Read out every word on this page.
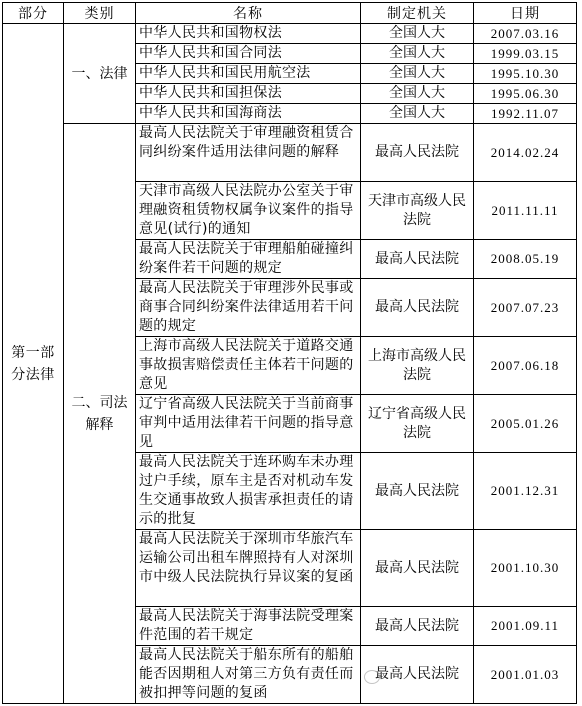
部分	类别	名称	制定机关	日期
第一部分法律	一、法律	中华人民共和国物权法	全国人大	2007.03.16
		中华人民共和国合同法	全国人大	1999.03.15
		中华人民共和国民用航空法	全国人大	1995.10.30
		中华人民共和国担保法	全国人大	1995.06.30
		中华人民共和国海商法	全国人大	1992.11.07
	二、司法解释	最高人民法院关于审理融资租赁合同纠纷案件适用法律问题的解释	最高人民法院	2014.02.24
		天津市高级人民法院办公室关于审理融资租赁物权属争议案件的指导意见(试行)的通知	天津市高级人民法院	2011.11.11
		最高人民法院关于审理船舶碰撞纠纷案件若干问题的规定	最高人民法院	2008.05.19
		最高人民法院关于审理涉外民事或商事合同纠纷案件法律适用若干问题的规定	最高人民法院	2007.07.23
		上海市高级人民法院关于道路交通事故损害赔偿责任主体若干问题的意见	上海市高级人民法院	2007.06.18
		辽宁省高级人民法院关于当前商事审判中适用法律若干问题的指导意见	辽宁省高级人民法院	2005.01.26
		最高人民法院关于连环购车未办理过户手续，原车主是否对机动车发生交通事故致人损害承担责任的请示的批复	最高人民法院	2001.12.31
		最高人民法院关于深圳市华旅汽车运输公司出租车牌照持有人对深圳市中级人民法院执行异议案的复函	最高人民法院	2001.10.30
		最高人民法院关于海事法院受理案件范围的若干规定	最高人民法院	2001.09.11
		最高人民法院关于船东所有的船舶能否因期租人对第三方负有责任而被扣押等问题的复函	最高人民法院	2001.01.03
